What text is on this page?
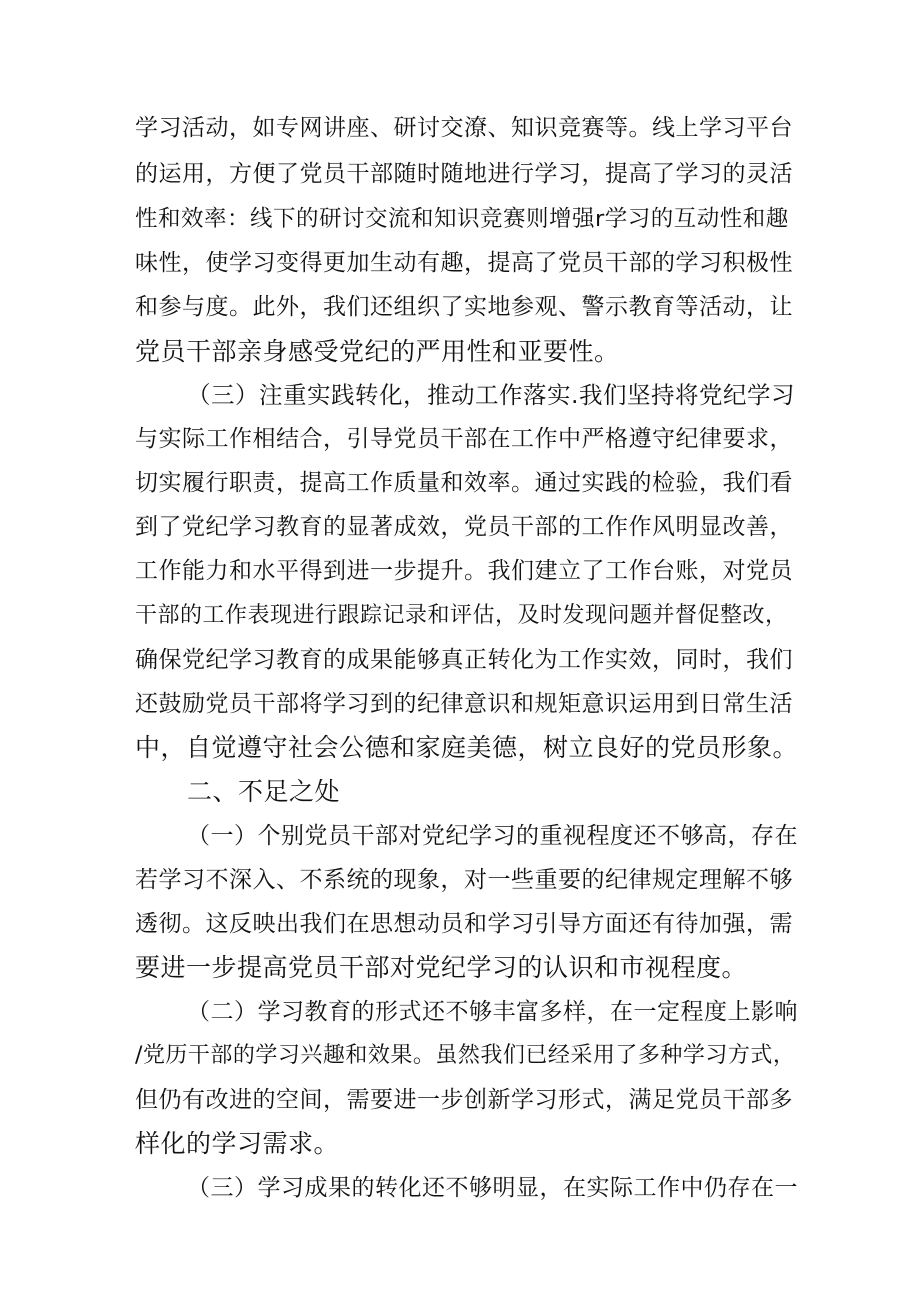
学习活动，如专网讲座、研讨交潦、知识竞赛等。线上学习平台
的运用，方便了党员干部随时随地进行学习，提高了学习的灵活
性和效率：线下的研讨交流和知识竞赛则增强r学习的互动性和趣
味性，使学习变得更加生动有趣，提高了党员干部的学习积极性
和参与度。此外，我们还组织了实地参观、警示教育等活动，让
党员干部亲身感受党纪的严用性和亚要性。
（三）注重实践转化，推动工作落实.我们坚持将党纪学习
与实际工作相结合，引导党员干部在工作中严格遵守纪律要求，
切实履行职责，提高工作质量和效率。通过实践的检验，我们看
到了党纪学习教育的显著成效，党员干部的工作作风明显改善，
工作能力和水平得到进一步提升。我们建立了工作台账，对党员
干部的工作表现进行跟踪记录和评估，及时发现问题并督促整改，
确保党纪学习教育的成果能够真正转化为工作实效，同时，我们
还鼓励党员干部将学习到的纪律意识和规矩意识运用到日常生活
中，自觉遵守社会公德和家庭美德，树立良好的党员形象。
二、不足之处
（一）个别党员干部对党纪学习的重视程度还不够高，存在
若学习不深入、不系统的现象，对一些重要的纪律规定理解不够
透彻。这反映出我们在思想动员和学习引导方面还有待加强，需
要进一步提高党员干部对党纪学习的认识和市视程度。
（二）学习教育的形式还不够丰富多样，在一定程度上影响
/党历干部的学习兴趣和效果。虽然我们已经采用了多种学习方式，
但仍有改进的空间，需要进一步创新学习形式，满足党员干部多
样化的学习需求。
（三）学习成果的转化还不够明显，在实际工作中仍存在一
